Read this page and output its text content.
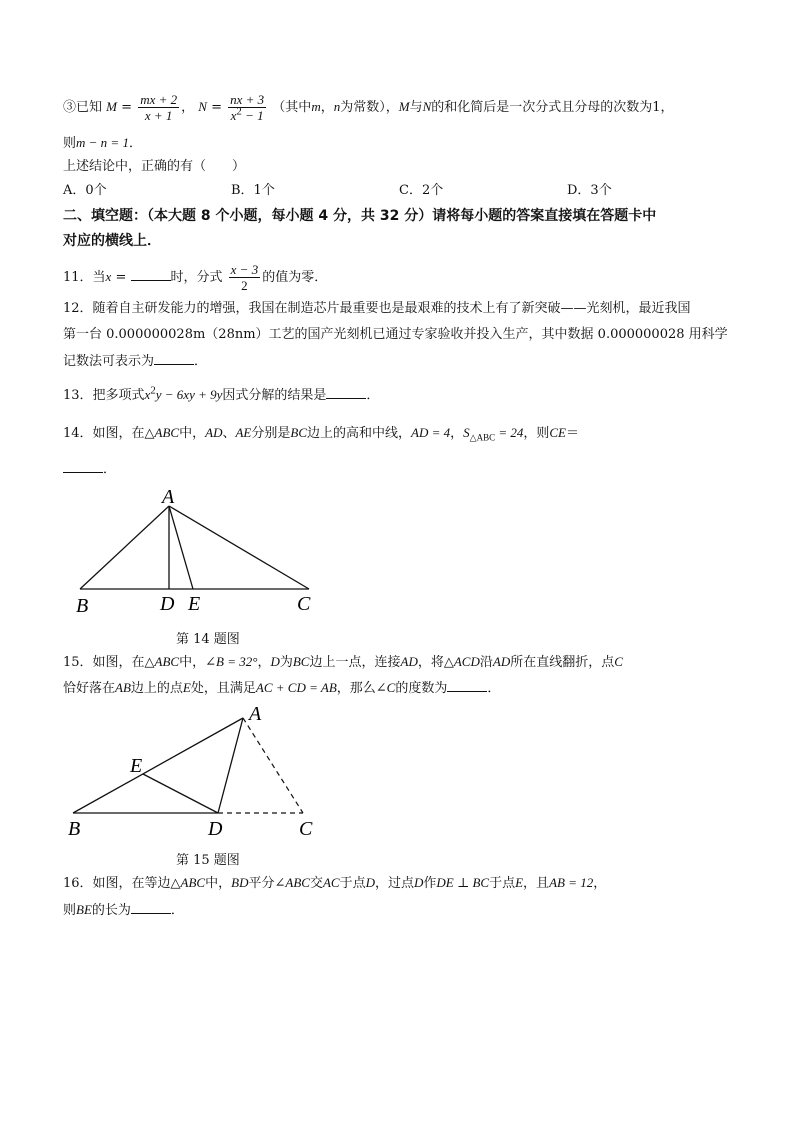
③已知 $M = \frac{mx + 2}{x + 1}$ ， $N = \frac{nx + 3}{x^2 - 1}$ （其中m，n为常数），M与N的和化简后是一次分式且分母的次数为1，
则m − n = 1．
上述结论中，正确的有（　　）
A．0个	B．1个	C．2个	D．3个
二、填空题：（本大题 8 个小题，每小题 4 分，共 32 分）请将每小题的答案直接填在答题卡中
对应的横线上．
11．当x =	时，分式 $\frac{x - 3}{2}$ 的值为零．
12．随着自主研发能力的增强，我国在制造芯片最重要也是最艰难的技术上有了新突破——光刻机，最近我国
第一台 0.000000028m（28nm）工艺的国产光刻机已通过专家验收并投入生产，其中数据 0.000000028 用科学
记数法可表示为	．
13．把多项式$x^2y - 6xy + 9y$因式分解的结果是	．
14．如图，在△ABC中，AD、AE分别是BC边上的高和中线，AD = 4，$S_{\triangle ABC} = 24$，则CE＝
．
A
B	D E	C
A
E
B	D	C
第 14 题图
15．如图，在△ABC中，∠B = 32°，D为BC边上一点，连接AD，将△ACD沿AD所在直线翻折，点C
恰好落在AB边上的点E处，且满足AC + CD = AB，那么∠C的度数为	．
第 15 题图
16．如图，在等边△ABC中，BD平分∠ABC交AC于点D，过点D作DE ⊥ BC于点E，且AB = 12，
则BE的长为	．
